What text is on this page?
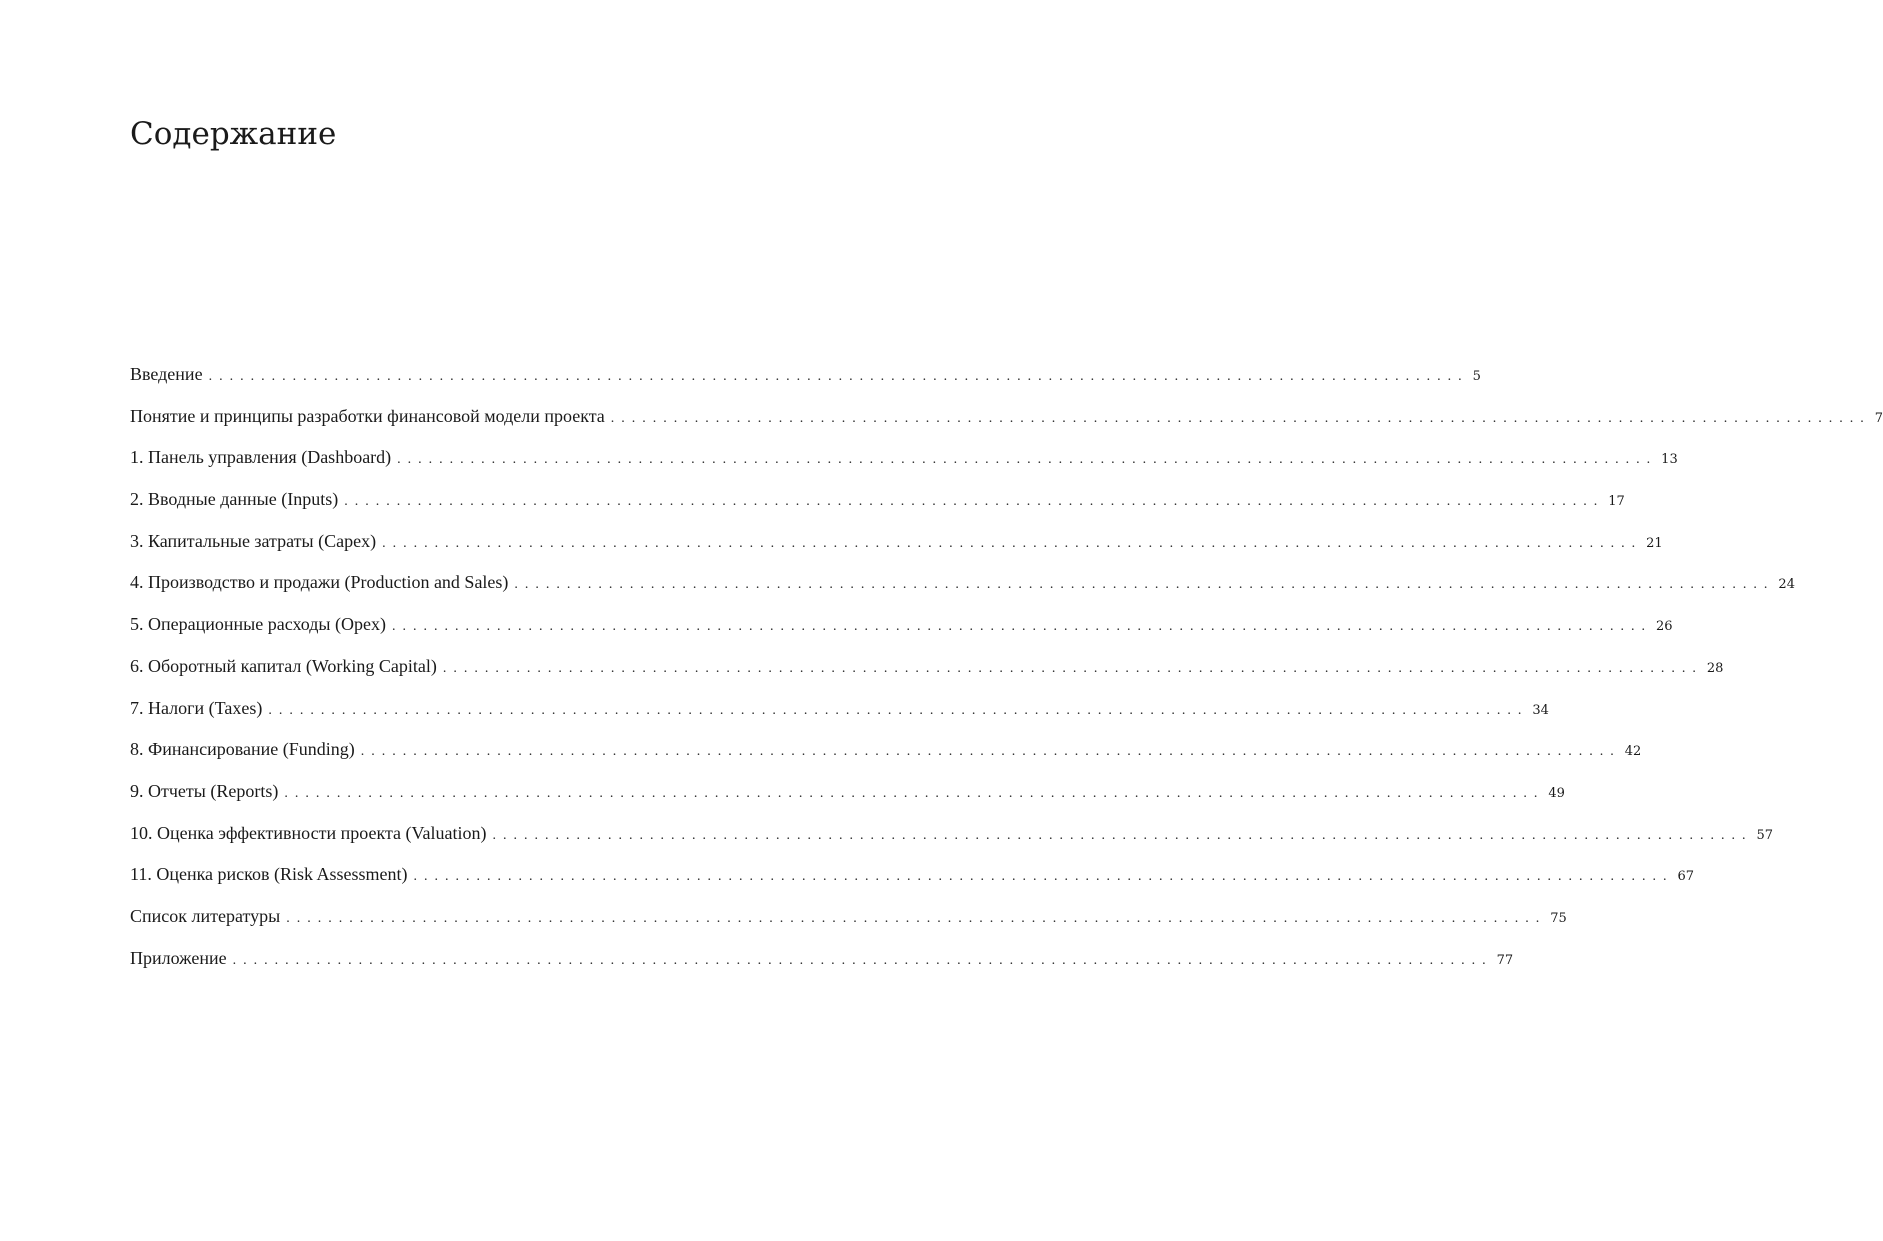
Содержание
Введение ........................................................................................................................ 5
Понятие и принципы разработки финансовой модели проекта ........................................................................................................................ 7
1. Панель управления (Dashboard) ........................................................................................................................ 13
2. Вводные данные (Inputs) ........................................................................................................................ 17
3. Капитальные затраты (Capex) ........................................................................................................................ 21
4. Производство и продажи (Production and Sales) ........................................................................................................................ 24
5. Операционные расходы (Opex) ........................................................................................................................ 26
6. Оборотный капитал (Working Capital) ........................................................................................................................ 28
7. Налоги (Taxes) ........................................................................................................................ 34
8. Финансирование (Funding) ........................................................................................................................ 42
9. Отчеты (Reports) ........................................................................................................................ 49
10. Оценка эффективности проекта (Valuation) ........................................................................................................................ 57
11. Оценка рисков (Risk Assessment) ........................................................................................................................ 67
Список литературы ........................................................................................................................ 75
Приложение ........................................................................................................................ 77
